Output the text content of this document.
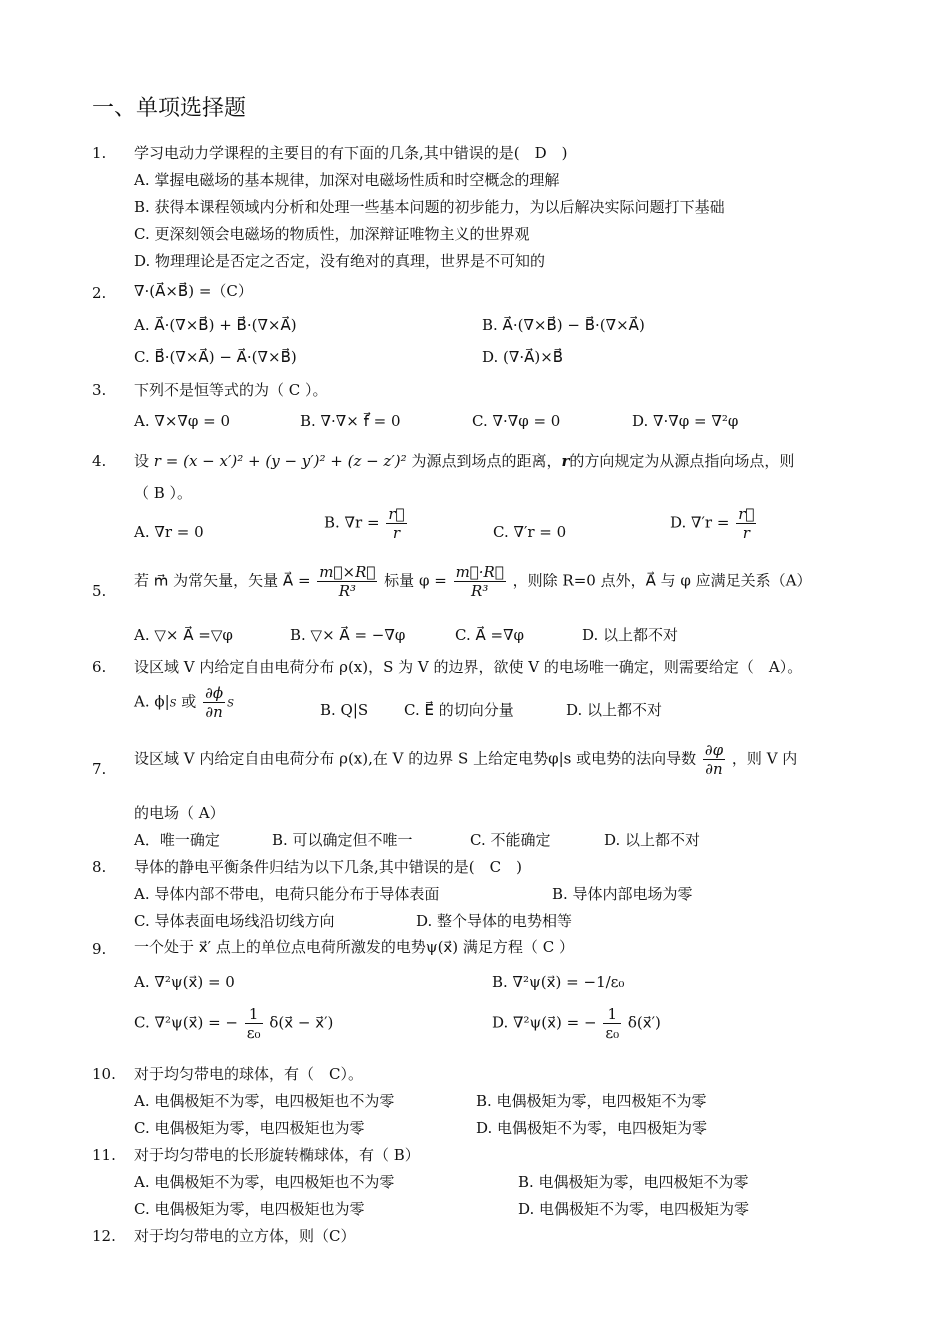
一、单项选择题
1. 学习电动力学课程的主要目的有下面的几条,其中错误的是(　D　)
A. 掌握电磁场的基本规律，加深对电磁场性质和时空概念的理解
B. 获得本课程领域内分析和处理一些基本问题的初步能力，为以后解决实际问题打下基础
C. 更深刻领会电磁场的物质性，加深辩证唯物主义的世界观
D. 物理理论是否定之否定，没有绝对的真理，世界是不可知的
2. ∇·(A⃗×B⃗) =（C）
A. A⃗·(∇×B⃗) + B⃗·(∇×A⃗)	B. A⃗·(∇×B⃗) − B⃗·(∇×A⃗)
C. B⃗·(∇×A⃗) − A⃗·(∇×B⃗)	D. (∇·A⃗)×B⃗
3. 下列不是恒等式的为（ C ）。
A. ∇×∇φ = 0	B. ∇·∇× f⃗ = 0	C. ∇·∇φ = 0	D. ∇·∇φ = ∇²φ
4. 设 r = (x − x′)² + (y − y′)² + (z − z′)² 为源点到场点的距离，r的方向规定为从源点指向场点，则
（ B ）。
A. ∇r = 0
B. $\nabla r = \frac{r⃗}{r}$	C. ∇′r = 0
D. $\nabla'r = \frac{r⃗}{r}$
5.
若 m⃗ 为常矢量，矢量 A⃗ = $\frac{m⃗\times R⃗}{\text{R³}}$ 标量 $\varphi = \frac{m⃗\cdot R⃗}{\text{R³}}$ ，则除 R=0 点外，A⃗ 与 φ 应满足关系（A）
A. ▽× A⃗ =▽φ	B. ▽× A⃗ = −∇φ	C. A⃗ =∇φ	D. 以上都不对
6. 设区域 V 内给定自由电荷分布 ρ(x)，S 为 V 的边界，欲使 V 的电场唯一确定，则需要给定（　A）。
A. ϕ|S 或 $\frac{\partial\phi}{\partial n}$ S	B. Q|S C. E⃗ 的切向分量	D. 以上都不对
7.
设区域 V 内给定自由电荷分布 ρ(x),在 V 的边界 S 上给定电势φ|s 或电势的法向导数 $\frac{\partial\varphi}{\partial n}$ ，则 V 内
的电场（ A）
A．唯一确定	B. 可以确定但不唯一	C. 不能确定	D. 以上都不对
8. 导体的静电平衡条件归结为以下几条,其中错误的是(　C　)
A. 导体内部不带电，电荷只能分布于导体表面	B. 导体内部电场为零
C. 导体表面电场线沿切线方向	D. 整个导体的电势相等
9. 一个处于 x⃗′ 点上的单位点电荷所激发的电势ψ(x⃗) 满足方程（ C ）
A. ∇²ψ(x⃗) = 0	B. ∇²ψ(x⃗) = −1/ε₀
C. ∇²ψ(x⃗) = − $\frac{1}{\text{ε₀}}$ δ(x⃗ − x⃗′)	D. ∇²ψ(x⃗) = − $\frac{1}{\text{ε₀}}$ δ(x⃗′)
10. 对于均匀带电的球体，有（　C）。
A. 电偶极矩不为零，电四极矩也不为零	B. 电偶极矩为零，电四极矩不为零
C. 电偶极矩为零，电四极矩也为零	D. 电偶极矩不为零，电四极矩为零
11. 对于均匀带电的长形旋转椭球体，有（ B）
A. 电偶极矩不为零，电四极矩也不为零	B. 电偶极矩为零，电四极矩不为零
C. 电偶极矩为零，电四极矩也为零	D. 电偶极矩不为零，电四极矩为零
12. 对于均匀带电的立方体，则（C）
